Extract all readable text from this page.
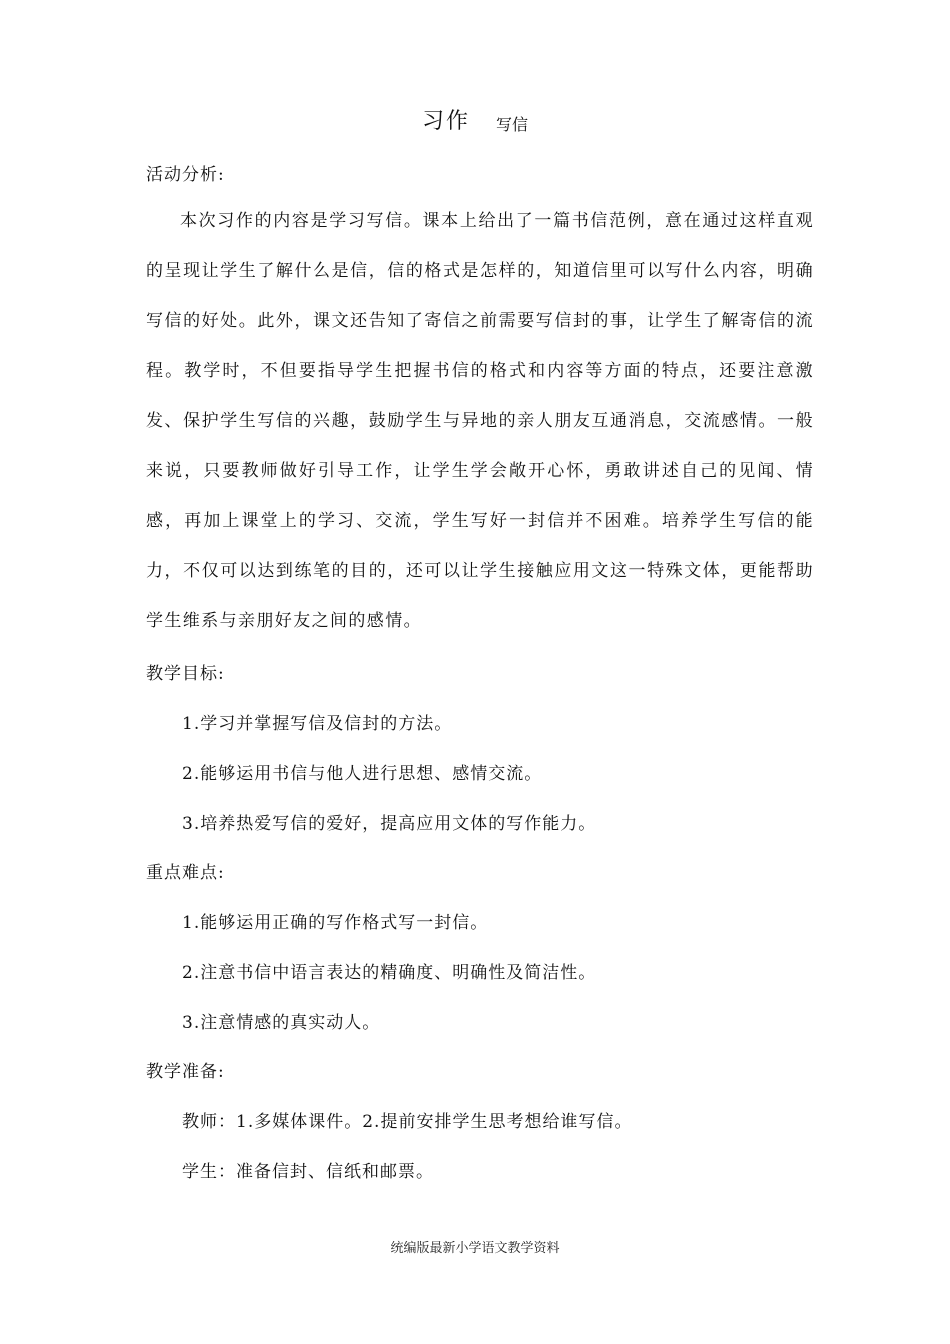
习作 写信
活动分析:

本次习作的内容是学习写信。课本上给出了一篇书信范例，意在通过这样直观的呈现让学生了解什么是信，信的格式是怎样的，知道信里可以写什么内容，明确写信的好处。此外，课文还告知了寄信之前需要写信封的事，让学生了解寄信的流程。教学时，不但要指导学生把握书信的格式和内容等方面的特点，还要注意激发、保护学生写信的兴趣，鼓励学生与异地的亲人朋友互通消息，交流感情。一般来说，只要教师做好引导工作，让学生学会敞开心怀，勇敢讲述自己的见闻、情感，再加上课堂上的学习、交流，学生写好一封信并不困难。培养学生写信的能力，不仅可以达到练笔的目的，还可以让学生接触应用文这一特殊文体，更能帮助学生维系与亲朋好友之间的感情。

教学目标:
1.学习并掌握写信及信封的方法。
2.能够运用书信与他人进行思想、感情交流。
3.培养热爱写信的爱好，提高应用文体的写作能力。
重点难点:
1.能够运用正确的写作格式写一封信。
2.注意书信中语言表达的精确度、明确性及简洁性。
3.注意情感的真实动人。
教学准备:
教师：1.多媒体课件。2.提前安排学生思考想给谁写信。
学生：准备信封、信纸和邮票。
统编版最新小学语文教学资料
